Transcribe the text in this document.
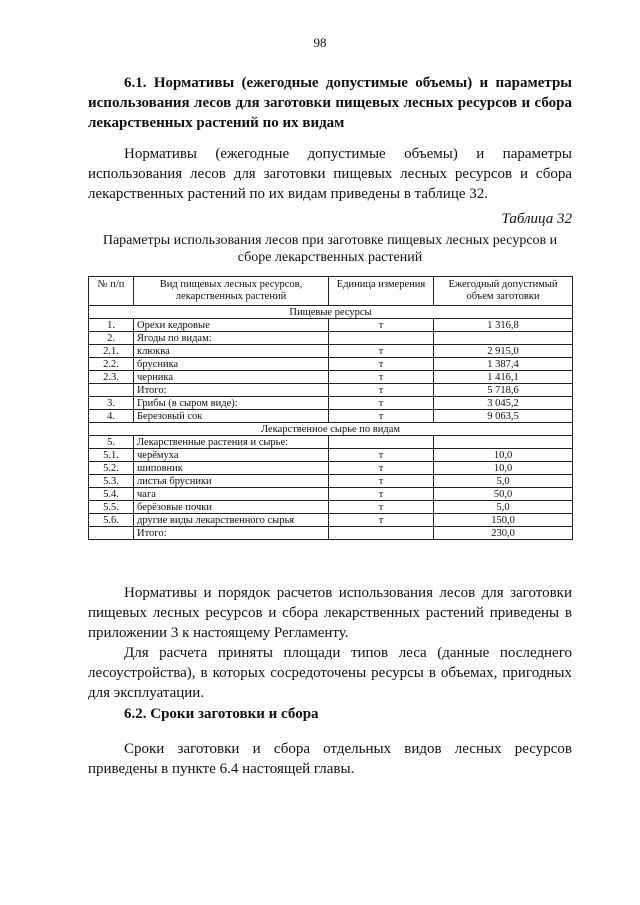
98
6.1. Нормативы (ежегодные допустимые объемы) и параметры использования лесов для заготовки пищевых лесных ресурсов и сбора лекарственных растений по их видам
Нормативы (ежегодные допустимые объемы) и параметры использования лесов для заготовки пищевых лесных ресурсов и сбора лекарственных растений по их видам приведены в таблице 32.
Таблица 32
Параметры использования лесов при заготовке пищевых лесных ресурсов и сборе лекарственных растений
№ п/п	Вид пищевых лесных ресурсов, лекарственных растений	Единица измерения	Ежегодный допустимый объем заготовки
Пищевые ресурсы			
1.	Орехи кедровые	т	1 316,8
2.	Ягоды по видам:		
2.1.	клюква	т	2 915,0
2.2.	брусника	т	1 387,4
2.3.	черника	т	1 416,1
	Итого:	т	5 718,6
3.	Грибы (в сыром виде):	т	3 045,2
4.	Березовый сок	т	9 063,5
Лекарственное сырье по видам			
5.	Лекарственные растения и сырье:		
5.1.	черёмуха	т	10,0
5.2.	шиповник	т	10,0
5.3.	листья брусники	т	5,0
5.4.	чага	т	50,0
5.5.	берёзовые почки	т	5,0
5.6.	другие виды лекарственного сырья	т	150,0
	Итого:		230,0
Нормативы и порядок расчетов использования лесов для заготовки пищевых лесных ресурсов и сбора лекарственных растений приведены в приложении 3 к настоящему Регламенту.
Для расчета приняты площади типов леса (данные последнего лесоустройства), в которых сосредоточены ресурсы в объемах, пригодных для эксплуатации.
6.2. Сроки заготовки и сбора
Сроки заготовки и сбора отдельных видов лесных ресурсов приведены в пункте 6.4 настоящей главы.
